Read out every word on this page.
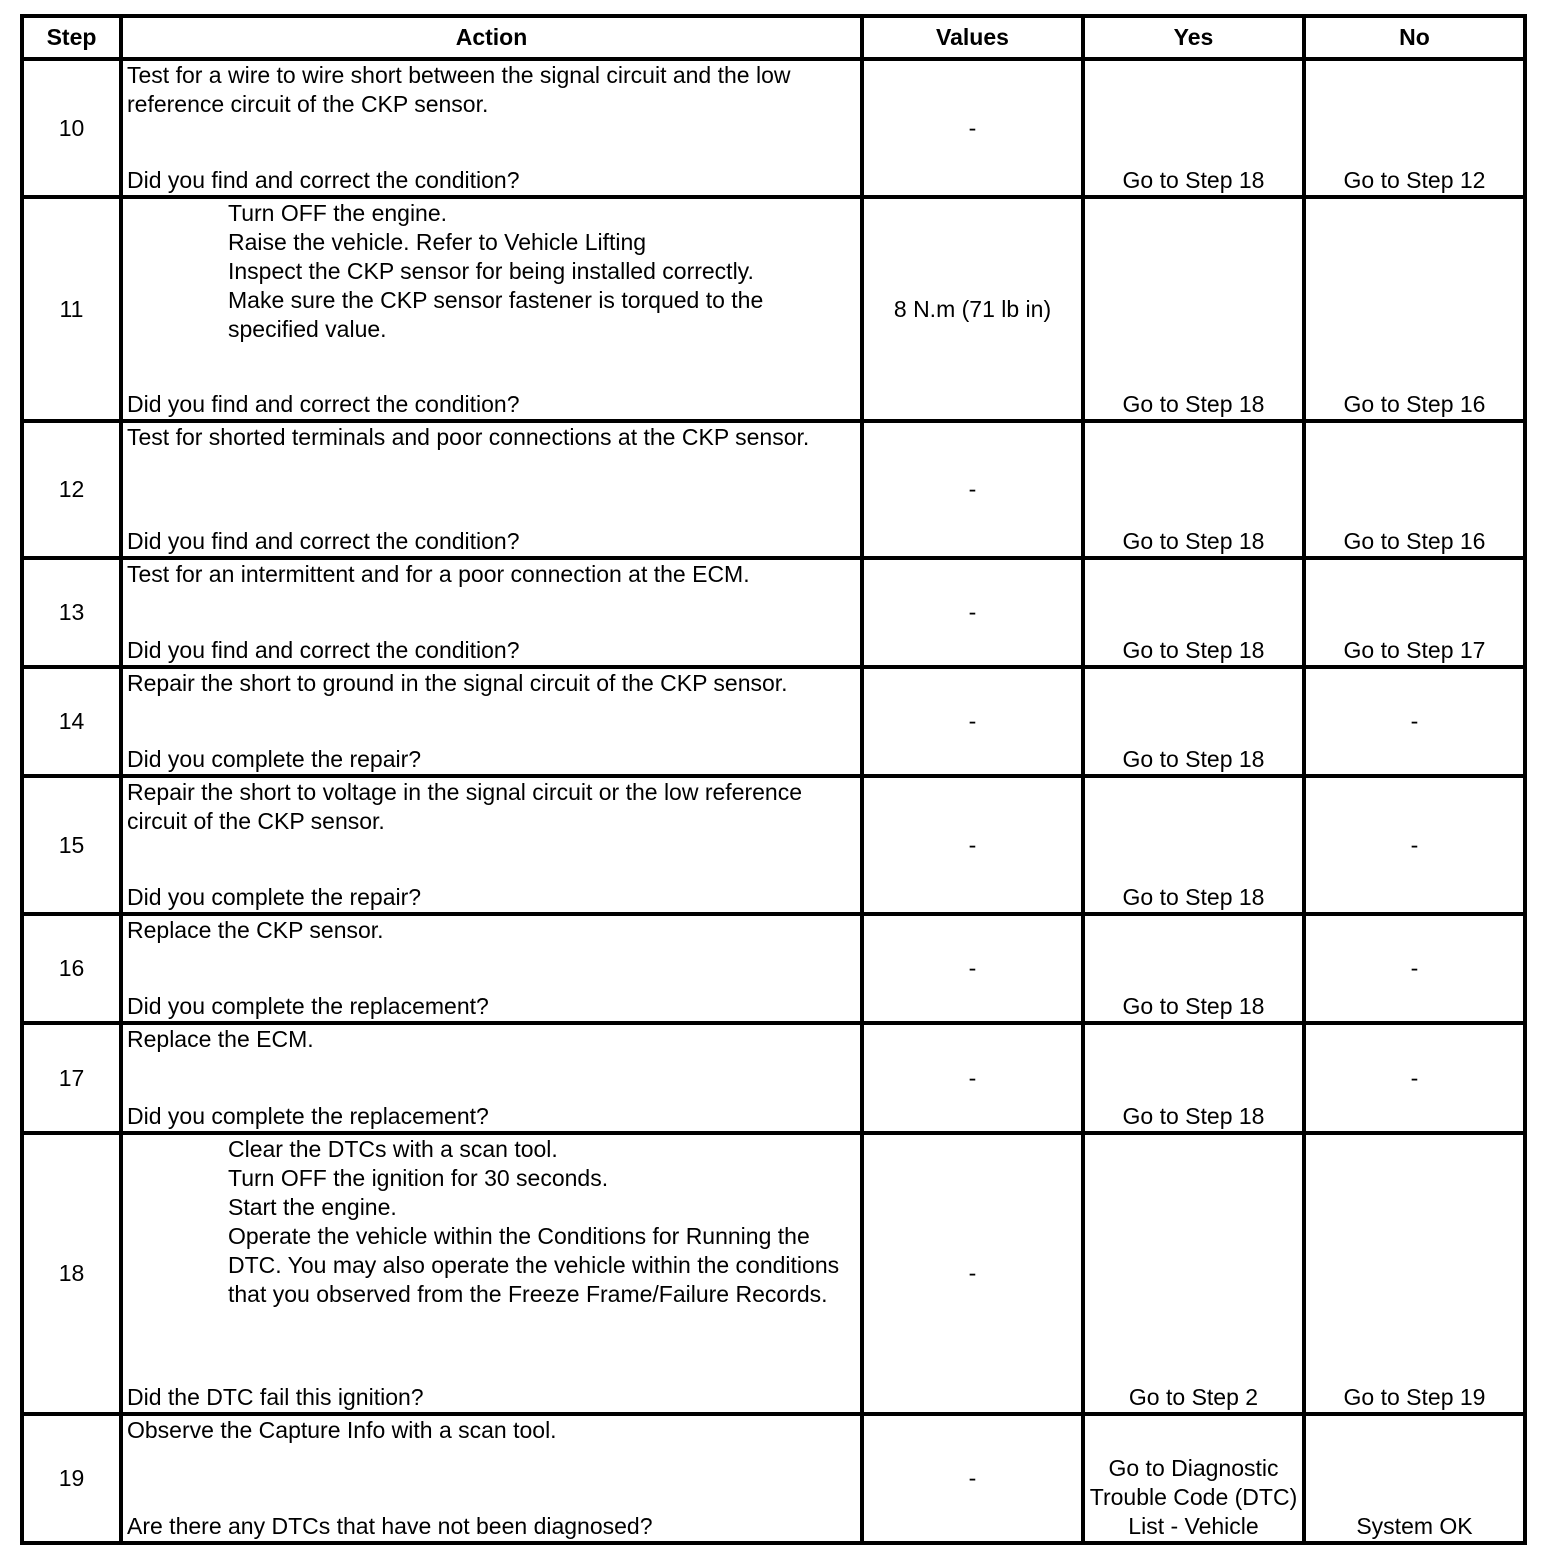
Step	Action	Values	Yes	No
10	Test for a wire to wire short between the signal circuit and the low reference circuit of the CKP sensor.

Did you find and correct the condition?	-	Go to Step 18	Go to Step 12
11	Turn OFF the engine.

Raise the vehicle. Refer to Vehicle Lifting

Inspect the CKP sensor for being installed correctly.

Make sure the CKP sensor fastener is torqued to the specified value.

Did you find and correct the condition?	8 N.m (71 lb in)	Go to Step 18	Go to Step 16
12	Test for shorted terminals and poor connections at the CKP sensor.

Did you find and correct the condition?	-	Go to Step 18	Go to Step 16
13	Test for an intermittent and for a poor connection at the ECM.

Did you find and correct the condition?	-	Go to Step 18	Go to Step 17
14	Repair the short to ground in the signal circuit of the CKP sensor.

Did you complete the repair?	-	Go to Step 18	-
15	Repair the short to voltage in the signal circuit or the low reference circuit of the CKP sensor.

Did you complete the repair?	-	Go to Step 18	-
16	Replace the CKP sensor.

Did you complete the replacement?	-	Go to Step 18	-
17	Replace the ECM.

Did you complete the replacement?	-	Go to Step 18	-
18	Clear the DTCs with a scan tool.

Turn OFF the ignition for 30 seconds.

Start the engine.

Operate the vehicle within the Conditions for Running the DTC. You may also operate the vehicle within the conditions that you observed from the Freeze Frame/Failure Records.

Did the DTC fail this ignition?	-	Go to Step 2	Go to Step 19
19	Observe the Capture Info with a scan tool.

Are there any DTCs that have not been diagnosed?	-	Go to Diagnostic Trouble Code (DTC) List - Vehicle	System OK
